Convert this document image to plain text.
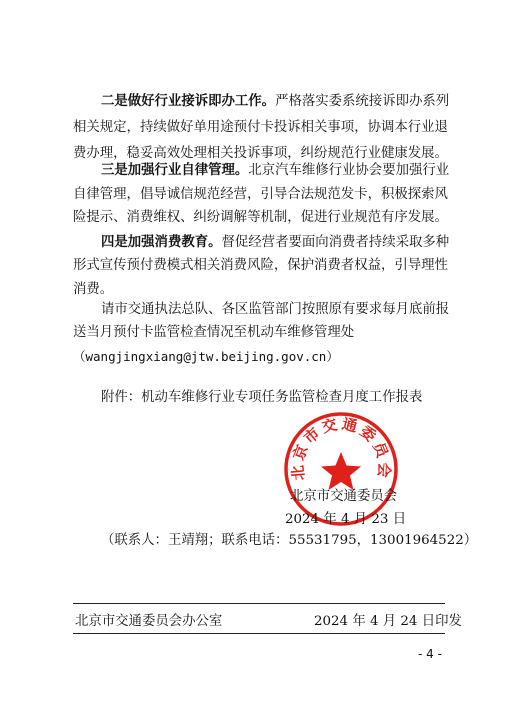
二是做好行业接诉即办工作。严格落实委系统接诉即办系列
相关规定，持续做好单用途预付卡投诉相关事项，协调本行业退
费办理，稳妥高效处理相关投诉事项，纠纷规范行业健康发展。
三是加强行业自律管理。北京汽车维修行业协会要加强行业
自律管理，倡导诚信规范经营，引导合法规范发卡，积极探索风
险提示、消费维权、纠纷调解等机制，促进行业规范有序发展。
四是加强消费教育。督促经营者要面向消费者持续采取多种
形式宣传预付费模式相关消费风险，保护消费者权益，引导理性
消费。
请市交通执法总队、各区监管部门按照原有要求每月底前报
送当月预付卡监管检查情况至机动车维修管理处
（wangjingxiang@jtw.beijing.gov.cn）
附件：机动车维修行业专项任务监管检查月度工作报表
北京市交通委员会
北京市交通委员会
2024 年 4 月 23 日
（联系人：王靖翔；联系电话：55531795，13001964522）
北京市交通委员会办公室	2024 年 4 月 24 日印发
- 4 -
